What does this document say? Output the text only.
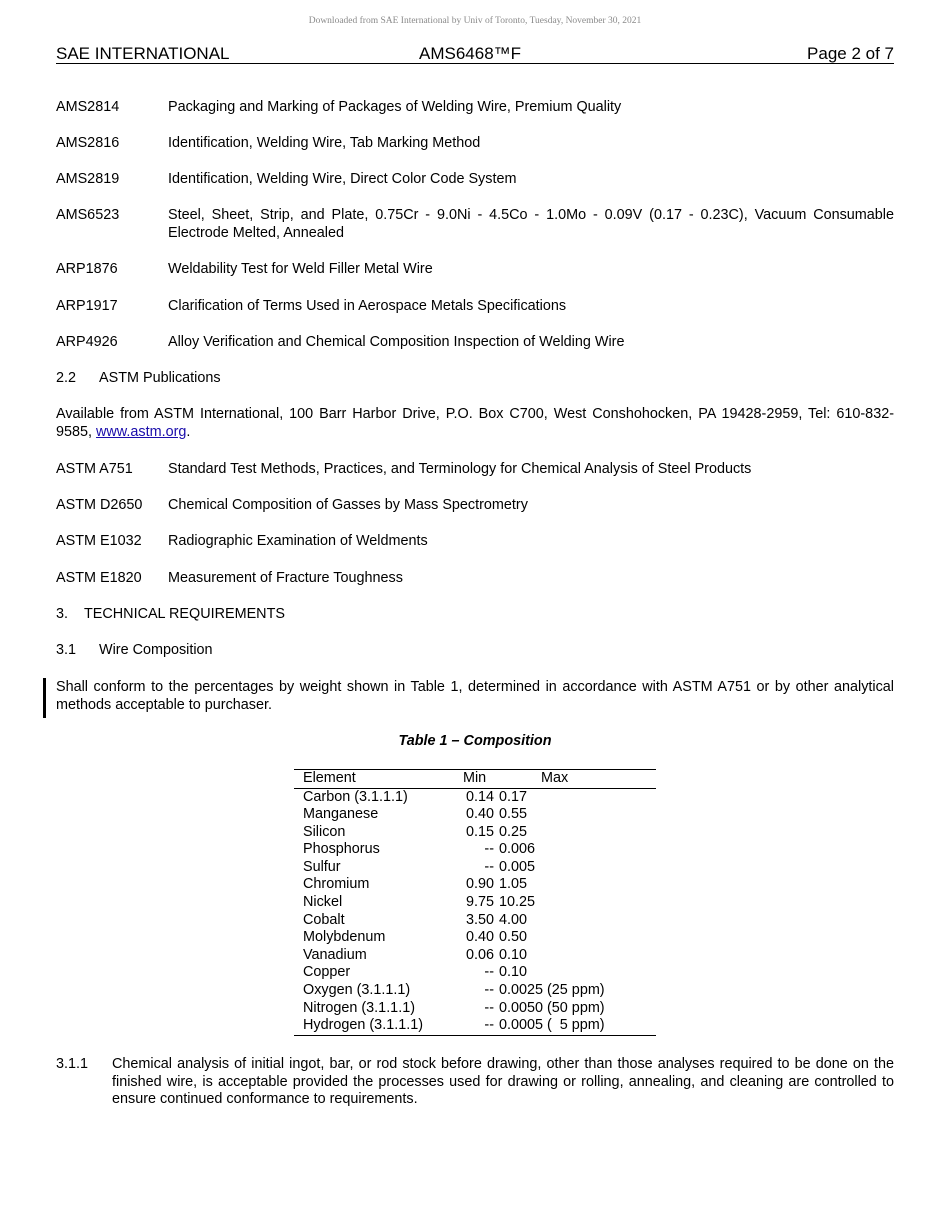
Downloaded from SAE International by Univ of Toronto, Tuesday, November 30, 2021
SAE INTERNATIONAL	AMS6468™F	Page 2 of 7
AMS2814	Packaging and Marking of Packages of Welding Wire, Premium Quality
AMS2816	Identification, Welding Wire, Tab Marking Method
AMS2819	Identification, Welding Wire, Direct Color Code System
AMS6523	Steel, Sheet, Strip, and Plate, 0.75Cr - 9.0Ni - 4.5Co - 1.0Mo - 0.09V (0.17 - 0.23C), Vacuum Consumable Electrode Melted, Annealed
ARP1876	Weldability Test for Weld Filler Metal Wire
ARP1917	Clarification of Terms Used in Aerospace Metals Specifications
ARP4926	Alloy Verification and Chemical Composition Inspection of Welding Wire
2.2 ASTM Publications
Available from ASTM International, 100 Barr Harbor Drive, P.O. Box C700, West Conshohocken, PA 19428-2959, Tel: 610-832-9585, www.astm.org.
ASTM A751 Standard Test Methods, Practices, and Terminology for Chemical Analysis of Steel Products
ASTM D2650 Chemical Composition of Gasses by Mass Spectrometry
ASTM E1032 Radiographic Examination of Weldments
ASTM E1820 Measurement of Fracture Toughness
3. TECHNICAL REQUIREMENTS
3.1 Wire Composition
Shall conform to the percentages by weight shown in Table 1, determined in accordance with ASTM A751 or by other analytical methods acceptable to purchaser.
Table 1 – Composition
Element	Min	Max
Carbon (3.1.1.1)	0.14 0.17
Manganese	0.40 0.55
Silicon	0.15 0.25
Phosphorus	-- 0.006
Sulfur	-- 0.005
Chromium	0.90 1.05
Nickel	9.75 10.25
Cobalt	3.50 4.00
Molybdenum	0.40 0.50
Vanadium	0.06 0.10
Copper	-- 0.10
Oxygen (3.1.1.1)	-- 0.0025 (25 ppm)
Nitrogen (3.1.1.1)	-- 0.0050 (50 ppm)
Hydrogen (3.1.1.1)	-- 0.0005 (  5 ppm)
3.1.1 Chemical analysis of initial ingot, bar, or rod stock before drawing, other than those analyses required to be done on the finished wire, is acceptable provided the processes used for drawing or rolling, annealing, and cleaning are controlled to ensure continued conformance to requirements.
